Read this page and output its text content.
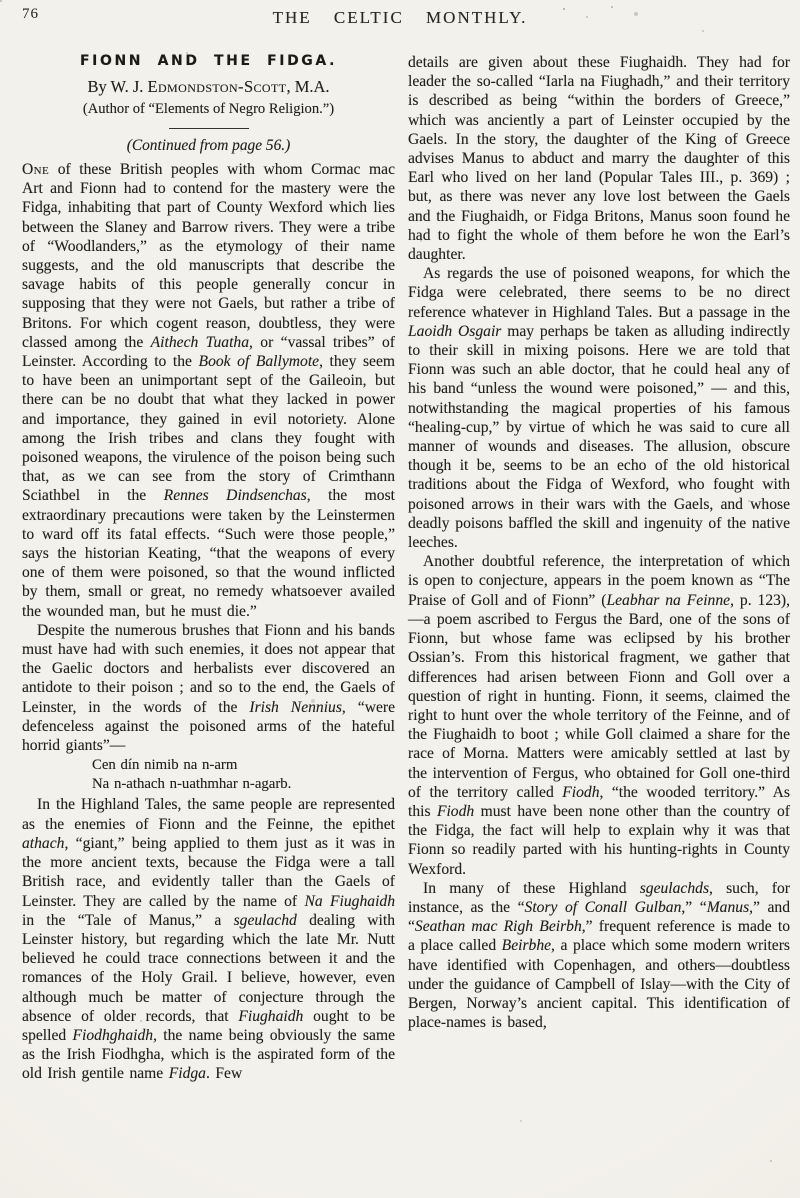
76	THE CELTIC MONTHLY.
FIONN AND THE FIDGA.
By W. J. Edmondston-Scott, M.A.
(Author of “Elements of Negro Religion.”)
(Continued from page 56.)

One of these British peoples with whom Cormac mac Art and Fionn had to contend for the mastery were the Fidga, inhabiting that part of County Wexford which lies between the Slaney and Barrow rivers. They were a tribe of “Woodlanders,” as the etymology of their name suggests, and the old manuscripts that describe the savage habits of this people generally concur in supposing that they were not Gaels, but rather a tribe of Britons. For which cogent reason, doubtless, they were classed among the Aithech Tuatha, or “vassal tribes” of Leinster. According to the Book of Ballymote, they seem to have been an unimportant sept of the Gaileoin, but there can be no doubt that what they lacked in power and importance, they gained in evil notoriety. Alone among the Irish tribes and clans they fought with poisoned weapons, the virulence of the poison being such that, as we can see from the story of Crimthann Sciathbel in the Rennes Dindsenchas, the most extraordinary precautions were taken by the Leinstermen to ward off its fatal effects. “Such were those people,” says the historian Keating, “that the weapons of every one of them were poisoned, so that the wound inflicted by them, small or great, no remedy whatsoever availed the wounded man, but he must die.”

Despite the numerous brushes that Fionn and his bands must have had with such enemies, it does not appear that the Gaelic doctors and herbalists ever discovered an antidote to their poison ; and so to the end, the Gaels of Leinster, in the words of the Irish Nennius, “were defenceless against the poisoned arms of the hateful horrid giants”—

Cen dín nimib na n-arm
Na n-athach n-uathmhar n-agarb.

In the Highland Tales, the same people are represented as the enemies of Fionn and the Feinne, the epithet athach, “giant,” being applied to them just as it was in the more ancient texts, because the Fidga were a tall British race, and evidently taller than the Gaels of Leinster. They are called by the name of Na Fiughaidh in the “Tale of Manus,” a sgeulachd dealing with Leinster history, but regarding which the late Mr. Nutt believed he could trace connections between it and the romances of the Holy Grail. I believe, however, even although much be matter of conjecture through the absence of older records, that Fiughaidh ought to be spelled Fiodhghaidh, the name being obviously the same as the Irish Fiodhgha, which is the aspirated form of the old Irish gentile name Fidga. Few

details are given about these Fiughaidh. They had for leader the so-called “Iarla na Fiughadh,” and their territory is described as being “within the borders of Greece,” which was anciently a part of Leinster occupied by the Gaels. In the story, the daughter of the King of Greece advises Manus to abduct and marry the daughter of this Earl who lived on her land (Popular Tales III., p. 369) ; but, as there was never any love lost between the Gaels and the Fiughaidh, or Fidga Britons, Manus soon found he had to fight the whole of them before he won the Earl’s daughter.

As regards the use of poisoned weapons, for which the Fidga were celebrated, there seems to be no direct reference whatever in Highland Tales. But a passage in the Laoidh Osgair may perhaps be taken as alluding indirectly to their skill in mixing poisons. Here we are told that Fionn was such an able doctor, that he could heal any of his band “unless the wound were poisoned,” — and this, notwithstanding the magical properties of his famous “healing-cup,” by virtue of which he was said to cure all manner of wounds and diseases. The allusion, obscure though it be, seems to be an echo of the old historical traditions about the Fidga of Wexford, who fought with poisoned arrows in their wars with the Gaels, and whose deadly poisons baffled the skill and ingenuity of the native leeches.

Another doubtful reference, the interpretation of which is open to conjecture, appears in the poem known as “The Praise of Goll and of Fionn” (Leabhar na Feinne, p. 123),—a poem ascribed to Fergus the Bard, one of the sons of Fionn, but whose fame was eclipsed by his brother Ossian’s. From this historical fragment, we gather that differences had arisen between Fionn and Goll over a question of right in hunting. Fionn, it seems, claimed the right to hunt over the whole territory of the Feinne, and of the Fiughaidh to boot ; while Goll claimed a share for the race of Morna. Matters were amicably settled at last by the intervention of Fergus, who obtained for Goll one-third of the territory called Fiodh, “the wooded territory.” As this Fiodh must have been none other than the country of the Fidga, the fact will help to explain why it was that Fionn so readily parted with his hunting-rights in County Wexford.

In many of these Highland sgeulachds, such, for instance, as the “Story of Conall Gulban,” “Manus,” and “Seathan mac Righ Beirbh,” frequent reference is made to a place called Beirbhe, a place which some modern writers have identified with Copenhagen, and others—doubtless under the guidance of Campbell of Islay—with the City of Bergen, Norway’s ancient capital. This identification of place-names is based,
